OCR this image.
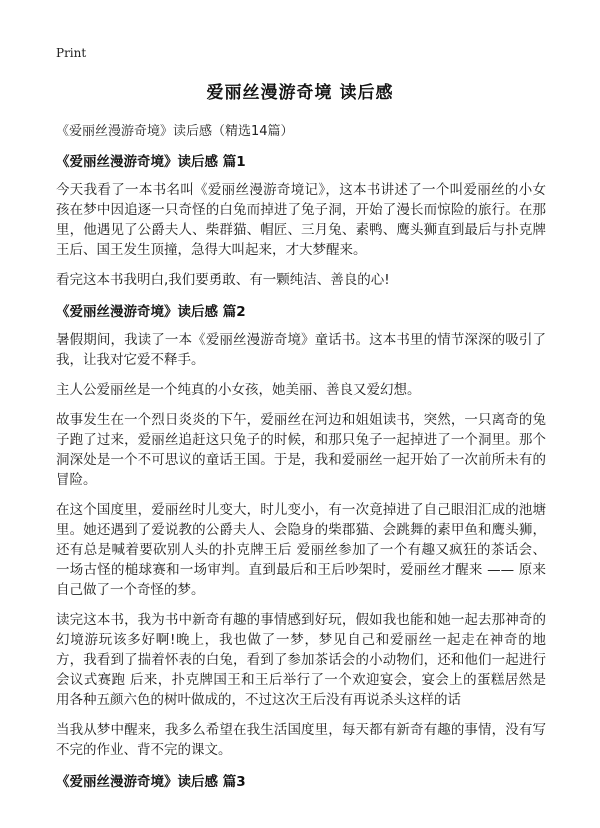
Print
爱丽丝漫游奇境 读后感
《爱丽丝漫游奇境》读后感（精选14篇）
《爱丽丝漫游奇境》读后感 篇1

今天我看了一本书名叫《爱丽丝漫游奇境记》，这本书讲述了一个叫爱丽丝的小女孩在梦中因追逐一只奇怪的白兔而掉进了兔子洞，开始了漫长而惊险的旅行。在那里，他遇见了公爵夫人、柴群猫、帽匠、三月兔、素鸭、鹰头狮直到最后与扑克牌王后、国王发生顶撞，急得大叫起来，才大梦醒来。

看完这本书我明白,我们要勇敢、有一颗纯洁、善良的心!

《爱丽丝漫游奇境》读后感 篇2

暑假期间，我读了一本《爱丽丝漫游奇境》童话书。这本书里的情节深深的吸引了我，让我对它爱不释手。

主人公爱丽丝是一个纯真的小女孩，她美丽、善良又爱幻想。

故事发生在一个烈日炎炎的下午，爱丽丝在河边和姐姐读书，突然，一只离奇的兔子跑了过来，爱丽丝追赶这只兔子的时候，和那只兔子一起掉进了一个洞里。那个洞深处是一个不可思议的童话王国。于是，我和爱丽丝一起开始了一次前所未有的冒险。

在这个国度里，爱丽丝时儿变大，时儿变小，有一次竟掉进了自己眼泪汇成的池塘里。她还遇到了爱说教的公爵夫人、会隐身的柴郡猫、会跳舞的素甲鱼和鹰头狮，还有总是喊着要砍别人头的扑克牌王后 爱丽丝参加了一个有趣又疯狂的茶话会、一场古怪的槌球赛和一场审判。直到最后和王后吵架时，爱丽丝才醒来 —— 原来自己做了一个奇怪的梦。

读完这本书，我为书中新奇有趣的事情感到好玩，假如我也能和她一起去那神奇的幻境游玩该多好啊!晚上，我也做了一梦，梦见自己和爱丽丝一起走在神奇的地方，我看到了揣着怀表的白兔，看到了参加茶话会的小动物们，还和他们一起进行会议式赛跑 后来，扑克牌国王和王后举行了一个欢迎宴会，宴会上的蛋糕居然是用各种五颜六色的树叶做成的，不过这次王后没有再说杀头这样的话

当我从梦中醒来，我多么希望在我生活国度里，每天都有新奇有趣的事情，没有写不完的作业、背不完的课文。

《爱丽丝漫游奇境》读后感 篇3
